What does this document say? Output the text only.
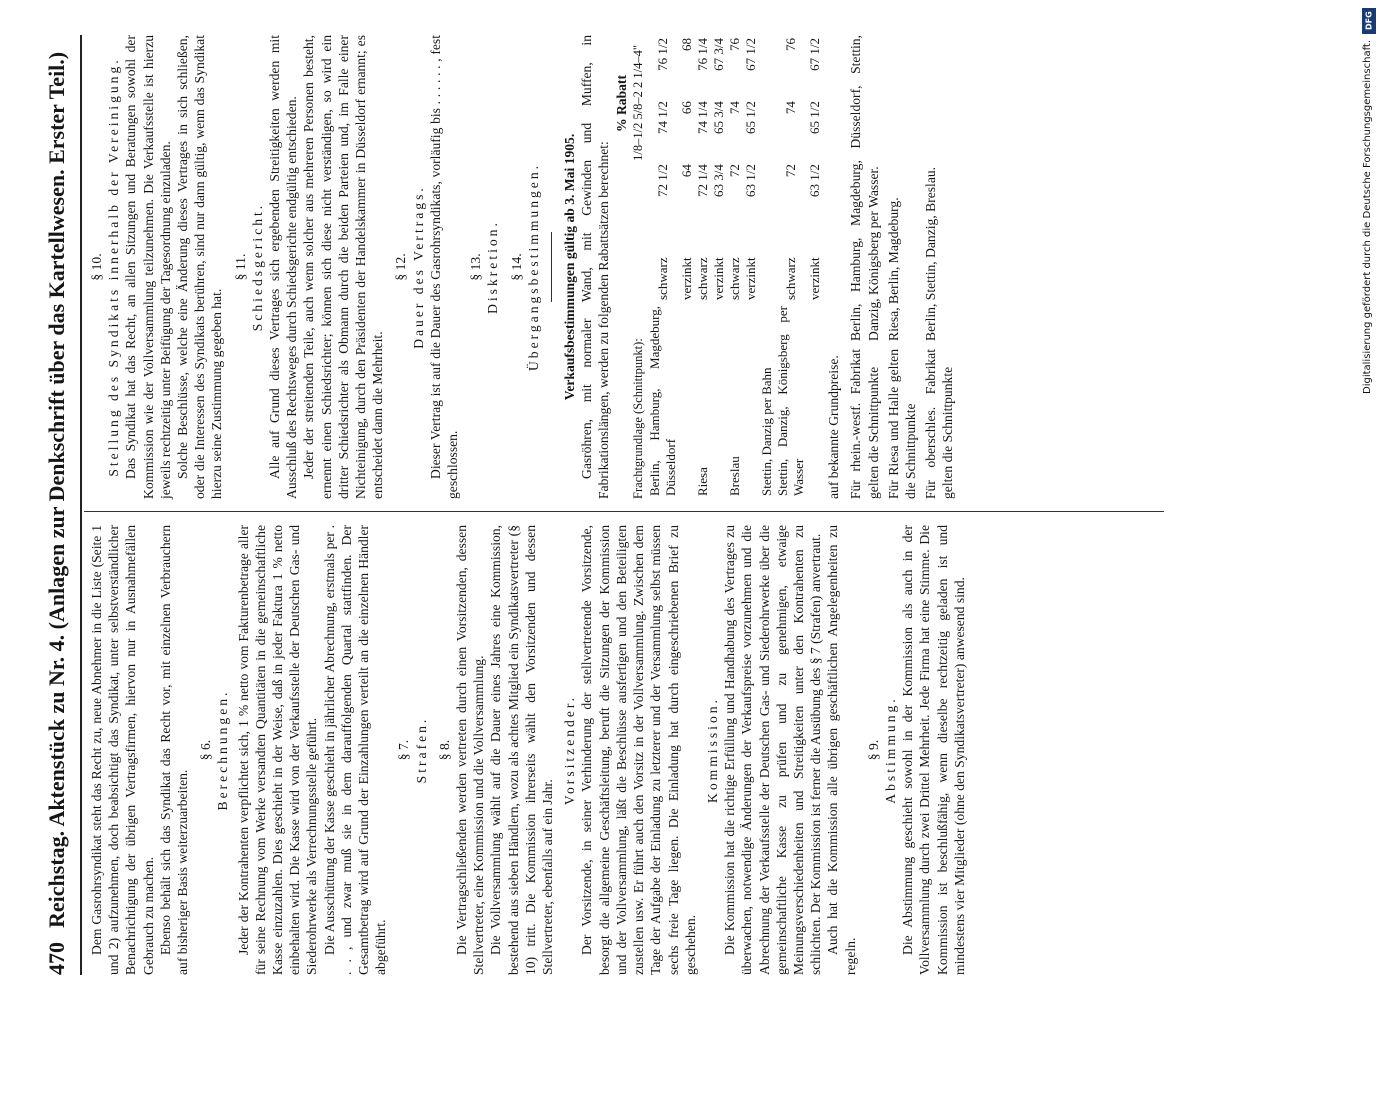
470
Reichstag. Aktenstück zu Nr. 4. (Anlagen zur Denkschrift über das Kartellwesen. Erster Teil.) Dem Gasrohrsyndikat steht das Recht zu, neue Abnehmer in die Liste (Seite 1 und 2) aufzunehmen, doch beabsichtigt das Syndikat, unter selbstverständlicher Benachrichtigung der übrigen Vertragsfirmen, hiervon nur in Ausnahmefällen Gebrauch zu machen. Ebenso behält sich das Syndikat das Recht vor, mit einzelnen Verbrauchern auf bisheriger Basis weiterzuarbeiten.

§ 6. Berechnungen. Jeder der Kontrahenten verpflichtet sich, 1 % netto vom Fakturenbetrage aller für seine Rechnung vom Werke versandten Quantitäten in die gemeinschaftliche Kasse einzuzahlen. Dies geschieht in der Weise, daß in jeder Faktura 1 % netto einbehalten wird. Die Kasse wird von der Verkaufsstelle der Deutschen Gas- und Siederohrwerke als Verrechnungsstelle geführt. Die Ausschüttung der Kasse geschieht in jährlicher Abrechnung, erstmals per . . . , und zwar muß sie in dem darauffolgenden Quartal stattfinden. Der Gesamtbetrag wird auf Grund der Einzahlungen verteilt an die einzelnen Händler abgeführt.

§ 7. Strafen. § 8. Die Vertragschließenden werden vertreten durch einen Vorsitzenden, dessen Stellvertreter, eine Kommission und die Vollversammlung. Die Vollversammlung wählt auf die Dauer eines Jahres eine Kommission, bestehend aus sieben Händlern, wozu als achtes Mitglied ein Syndikatsvertreter (§ 10) tritt. Die Kommission ihrerseits wählt den Vorsitzenden und dessen Stellvertreter, ebenfalls auf ein Jahr.

Vorsitzender. Der Vorsitzende, in seiner Verhinderung der stellvertretende Vorsitzende, besorgt die allgemeine Geschäftsleitung, beruft die Sitzungen der Kommission und der Vollversammlung, läßt die Beschlüsse ausfertigen und den Beteiligten zustellen usw. Er führt auch den Vorsitz in der Vollversammlung. Zwischen dem Tage der Aufgabe der Einladung zu letzterer und der Versammlung selbst müssen sechs freie Tage liegen. Die Einladung hat durch eingeschriebenen Brief zu geschehen.

Kommission. Die Kommission hat die richtige Erfüllung und Handhabung des Vertrages zu überwachen, notwendige Änderungen der Verkaufspreise vorzunehmen und die Abrechnung der Verkaufsstelle der Deutschen Gas- und Siederohrwerke über die gemeinschaftliche Kasse zu prüfen und zu genehmigen, etwaige Meinungsverschiedenheiten und Streitigkeiten unter den Kontrahenten zu schlichten. Der Kommission ist ferner die Ausübung des § 7 (Strafen) anvertraut. Auch hat die Kommission alle übrigen geschäftlichen Angelegenheiten zu regeln.

§ 9. Abstimmung. Die Abstimmung geschieht sowohl in der Kommission als auch in der Vollversammlung durch zwei Drittel Mehrheit. Jede Firma hat eine Stimme. Die Kommission ist beschlußfähig, wenn dieselbe rechtzeitig geladen ist und mindestens vier Mitglieder (ohne den Syndikatsvertreter) anwesend sind.

§ 10. Stellung des Syndikats innerhalb der Vereinigung. Das Syndikat hat das Recht, an allen Sitzungen und Beratungen sowohl der Kommission wie der Vollversammlung teilzunehmen. Die Verkaufsstelle ist hierzu jeweils rechtzeitig unter Beifügung der Tagesordnung einzuladen. Solche Beschlüsse, welche eine Änderung dieses Vertrages in sich schließen, oder die Interessen des Syndikats berühren, sind nur dann gültig, wenn das Syndikat hierzu seine Zustimmung gegeben hat.

§ 11. Schiedsgericht. Alle auf Grund dieses Vertrages sich ergebenden Streitigkeiten werden mit Ausschluß des Rechtsweges durch Schiedsgerichte endgültig entschieden. Jeder der streitenden Teile, auch wenn solcher aus mehreren Personen besteht, ernennt einen Schiedsrichter; können sich diese nicht verständigen, so wird ein dritter Schiedsrichter als Obmann durch die beiden Parteien und, im Falle einer Nichteinigung, durch den Präsidenten der Handelskammer in Düsseldorf ernannt; es entscheidet dann die Mehrheit.

§ 12. Dauer des Vertrags. Dieser Vertrag ist auf die Dauer des Gasrohrsyndikats, vorläufig bis . . . . . . , fest geschlossen.

§ 13. Diskretion. § 14. Übergangsbestimmungen. Verkaufsbestimmungen gültig ab 3. Mai 1905. Gasröhren, mit normaler Wand, mit Gewinden und Muffen, in Fabrikationslängen, werden zu folgenden Rabattsätzen berechnet:

% Rabatt
Frachtgrundlage (Schnittpunkt):
1/8–1/2 5/8–2 2 1/4–4"
Berlin, Hamburg, Magdeburg, Düsseldorf	schwarz	72 1/2	74 1/2	76 1/2
	verzinkt	64	66	68
Riesa	schwarz	72 1/4	74 1/4	76 1/4
	verzinkt	63 3/4	65 3/4	67 3/4
Breslau	schwarz	72	74	76
	verzinkt	63 1/2	65 1/2	67 1/2
Stettin, Danzig per Bahn				
Stettin, Danzig, Königsberg per Wasser	schwarz	72	74	76
	verzinkt	63 1/2	65 1/2	67 1/2
auf bekannte Grundpreise. Für rhein.-westf. Fabrikat gelten die Schnittpunkte
Berlin, Hamburg, Magdeburg, Düsseldorf, Stettin, Danzig, Königsberg per Wasser.
Für Riesa und Halle gelten die Schnittpunkte
Riesa, Berlin, Magdeburg.
Für oberschles. Fabrikat gelten die Schnittpunkte
Berlin, Stettin, Danzig, Breslau.
DFG
Digitalisierung gefördert durch die Deutsche Forschungsgemeinschaft.
